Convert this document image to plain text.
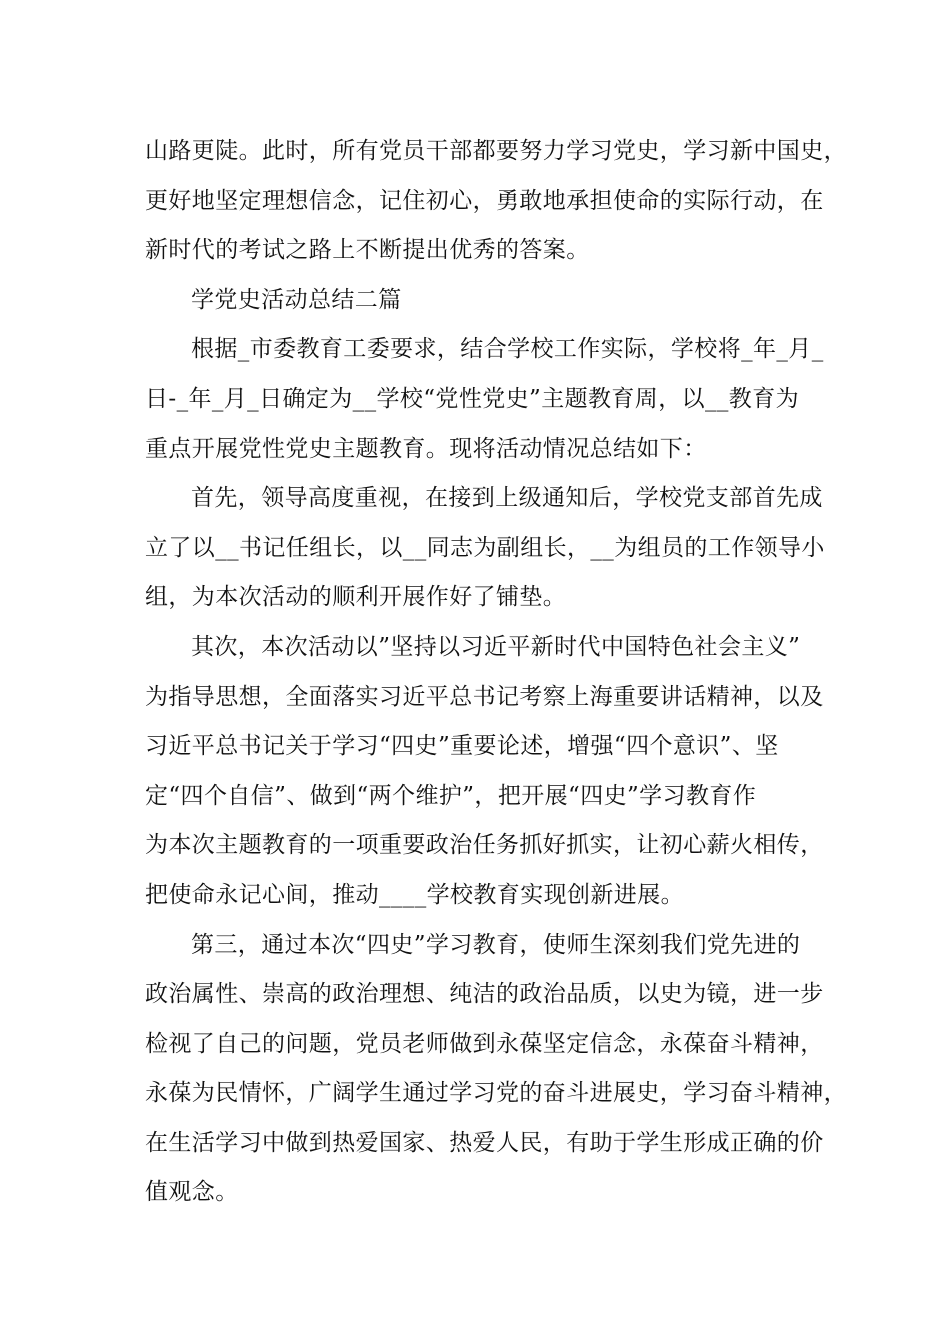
山路更陡。此时，所有党员干部都要努力学习党史，学习新中国史，
更好地坚定理想信念，记住初心，勇敢地承担使命的实际行动，在
新时代的考试之路上不断提出优秀的答案。
学党史活动总结二篇
根据_市委教育工委要求，结合学校工作实际，学校将_年_月_
日-_年_月_日确定为__学校“党性党史”主题教育周，以__教育为
重点开展党性党史主题教育。现将活动情况总结如下：
首先，领导高度重视，在接到上级通知后，学校党支部首先成
立了以__书记任组长，以__同志为副组长，__为组员的工作领导小
组，为本次活动的顺利开展作好了铺垫。
其次，本次活动以”坚持以习近平新时代中国特色社会主义”
为指导思想，全面落实习近平总书记考察上海重要讲话精神，以及
习近平总书记关于学习“四史”重要论述，增强“四个意识”、坚
定“四个自信”、做到“两个维护”，把开展“四史”学习教育作
为本次主题教育的一项重要政治任务抓好抓实，让初心薪火相传，
把使命永记心间，推动____学校教育实现创新进展。
第三，通过本次“四史”学习教育，使师生深刻我们党先进的
政治属性、崇高的政治理想、纯洁的政治品质，以史为镜，进一步
检视了自己的问题，党员老师做到永葆坚定信念，永葆奋斗精神，
永葆为民情怀，广阔学生通过学习党的奋斗进展史，学习奋斗精神，
在生活学习中做到热爱国家、热爱人民，有助于学生形成正确的价
值观念。
